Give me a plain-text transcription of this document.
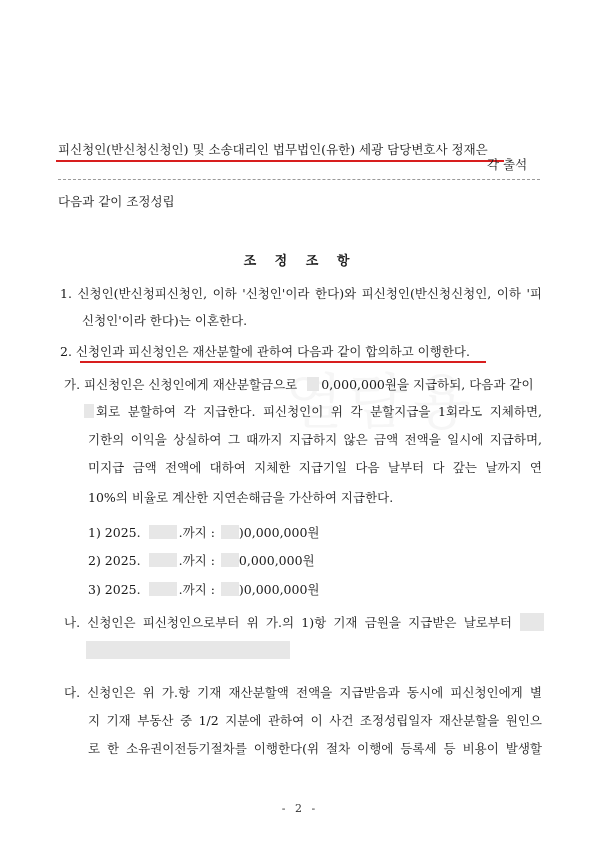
피신청인(반신청신청인) 및 소송대리인 법무법인(유한) 세광 담당변호사 정재은
각 출석
다음과 같이 조정성립
조 정 조 항
1. 신청인(반신청피신청인, 이하 '신청인'이라 한다)와 피신청인(반신청신청인, 이하 '피
신청인'이라 한다)는 이혼한다.
2. 신청인과 피신청인은 재산분할에 관하여 다음과 같이 합의하고 이행한다.
가. 피신청인은 신청인에게 재산분할금으로 0,000,000원을 지급하되, 다음과 같이
회로 분할하여 각 지급한다. 피신청인이 위 각 분할지급을 1회라도 지체하면,
기한의 이익을 상실하여 그 때까지 지급하지 않은 금액 전액을 일시에 지급하며,
미지급 금액 전액에 대하여 지체한 지급기일 다음 날부터 다 갚는 날까지 연
10%의 비율로 계산한 지연손해금을 가산하여 지급한다.
1) 2025.	.까지 : )0,000,000원
2) 2025.	.까지 : 0,000,000원
3) 2025.	.까지 : )0,000,000원
나. 신청인은 피신청인으로부터 위 가.의 1)항 기재 금원을 지급받은 날로부터
다. 신청인은 위 가.항 기재 재산분할액 전액을 지급받음과 동시에 피신청인에게 별
지 기재 부동산 중 1/2 지분에 관하여 이 사건 조정성립일자 재산분할을 원인으
로 한 소유권이전등기절차를 이행한다(위 절차 이행에 등록세 등 비용이 발생할
- 2 -
